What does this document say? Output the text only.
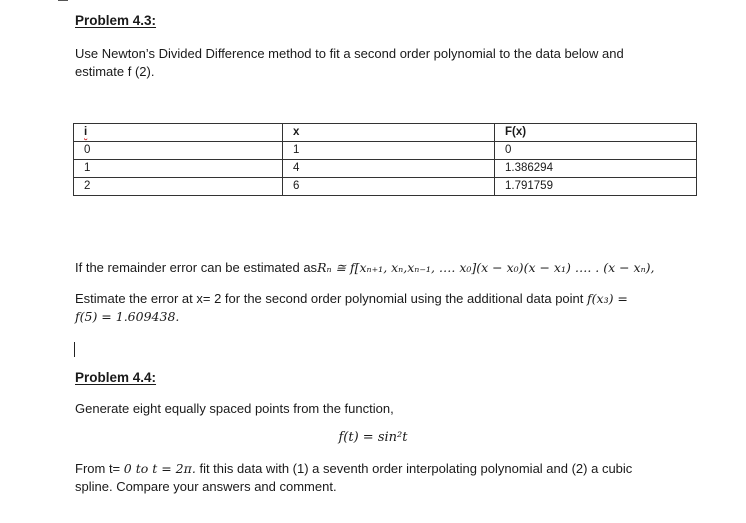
Problem 4.3:
Use Newton’s Divided Difference method to fit a second order polynomial to the data below and
estimate f (2).
i	x	F(x)
0	1	0
1	4	1.386294
2	6	1.791759
If the remainder error can be estimated asRₙ ≅ f[xₙ₊₁, xₙ,xₙ₋₁, …. x₀](x − x₀)(x − x₁) …. . (x − xₙ),
Estimate the error at x= 2 for the second order polynomial using the additional data point f(x₃) =
f(5) = 1.609438.
Problem 4.4:
Generate eight equally spaced points from the function,
f(t) = sin²t
From t= 0 to t = 2π. fit this data with (1) a seventh order interpolating polynomial and (2) a cubic
spline. Compare your answers and comment.
